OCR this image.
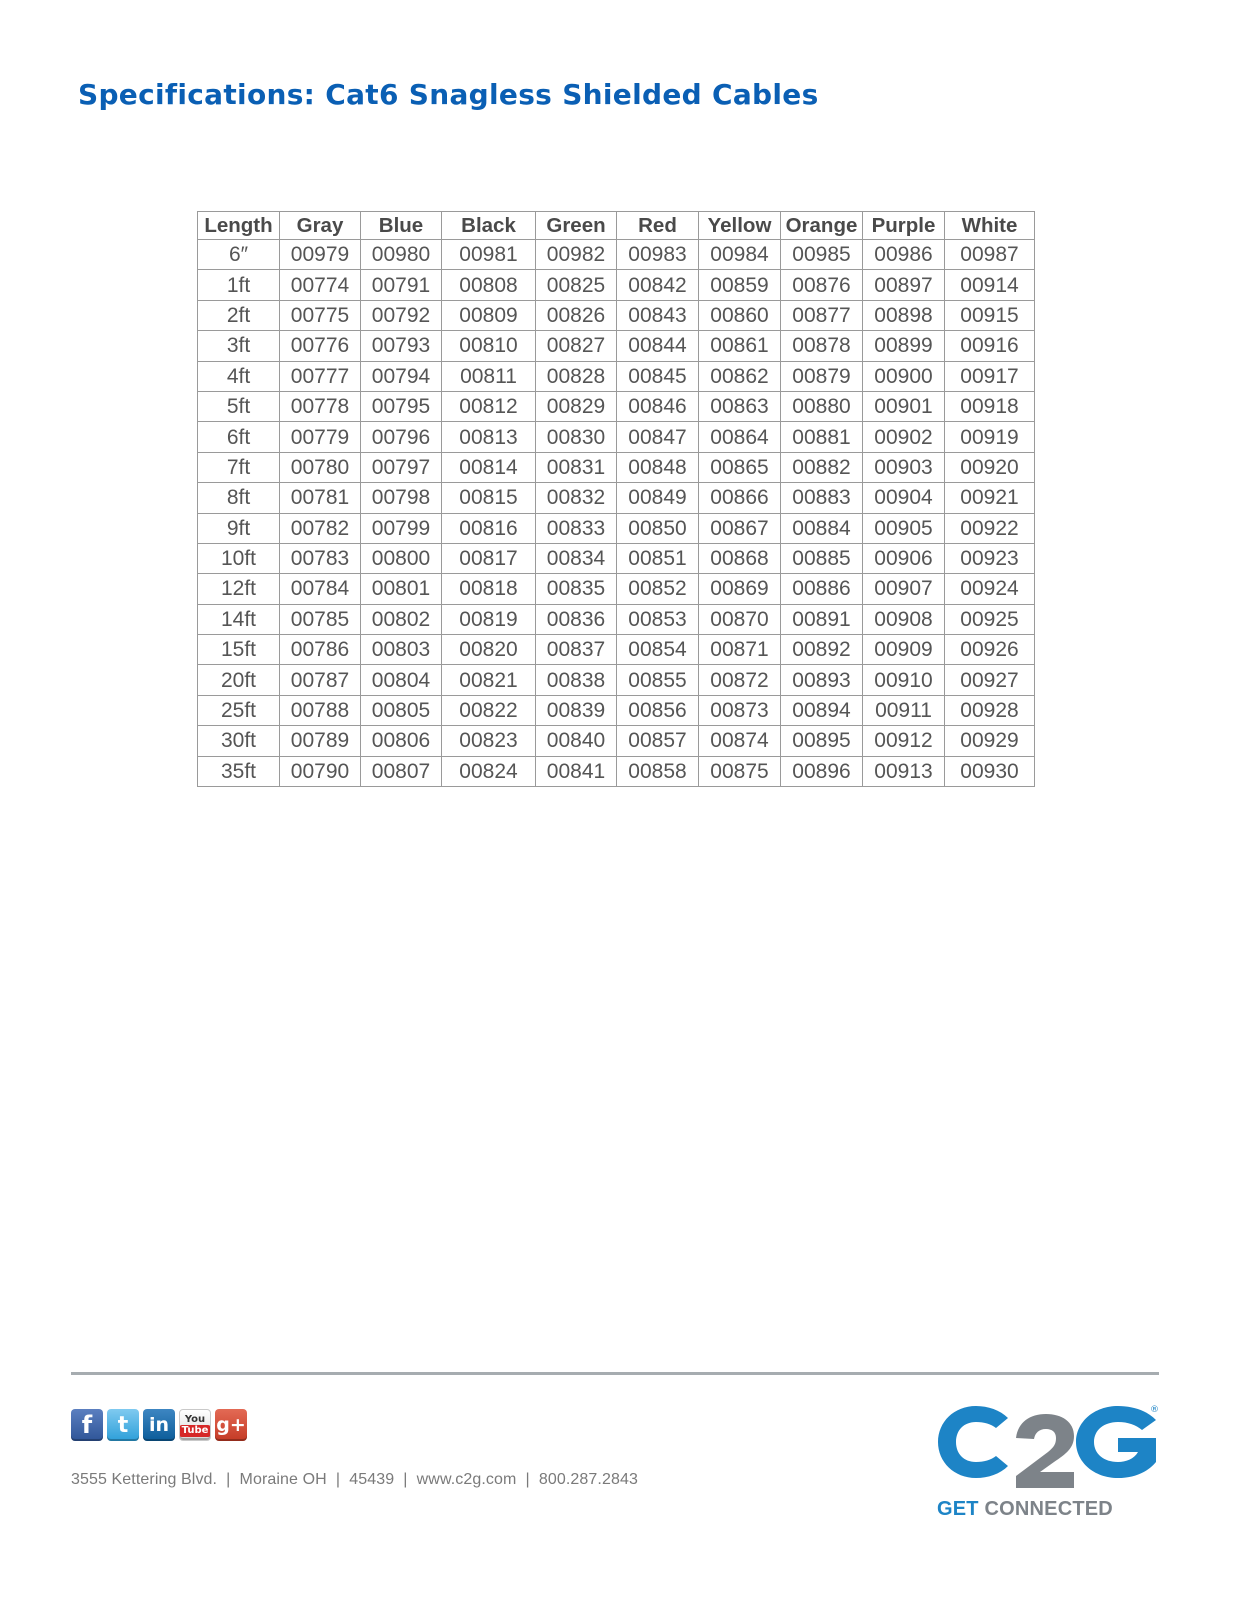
Specifications: Cat6 Snagless Shielded Cables
Length	Gray	Blue	Black	Green	Red	Yellow	Orange	Purple	White
6″	00979	00980	00981	00982	00983	00984	00985	00986	00987
1ft	00774	00791	00808	00825	00842	00859	00876	00897	00914
2ft	00775	00792	00809	00826	00843	00860	00877	00898	00915
3ft	00776	00793	00810	00827	00844	00861	00878	00899	00916
4ft	00777	00794	00811	00828	00845	00862	00879	00900	00917
5ft	00778	00795	00812	00829	00846	00863	00880	00901	00918
6ft	00779	00796	00813	00830	00847	00864	00881	00902	00919
7ft	00780	00797	00814	00831	00848	00865	00882	00903	00920
8ft	00781	00798	00815	00832	00849	00866	00883	00904	00921
9ft	00782	00799	00816	00833	00850	00867	00884	00905	00922
10ft	00783	00800	00817	00834	00851	00868	00885	00906	00923
12ft	00784	00801	00818	00835	00852	00869	00886	00907	00924
14ft	00785	00802	00819	00836	00853	00870	00891	00908	00925
15ft	00786	00803	00820	00837	00854	00871	00892	00909	00926
20ft	00787	00804	00821	00838	00855	00872	00893	00910	00927
25ft	00788	00805	00822	00839	00856	00873	00894	00911	00928
30ft	00789	00806	00823	00840	00857	00874	00895	00912	00929
35ft	00790	00807	00824	00841	00858	00875	00896	00913	00930
f t in You
Tube g+
3555 Kettering Blvd.  |  Moraine OH  |  45439  |  www.c2g.com  |  800.287.2843
®
GET CONNECTED
